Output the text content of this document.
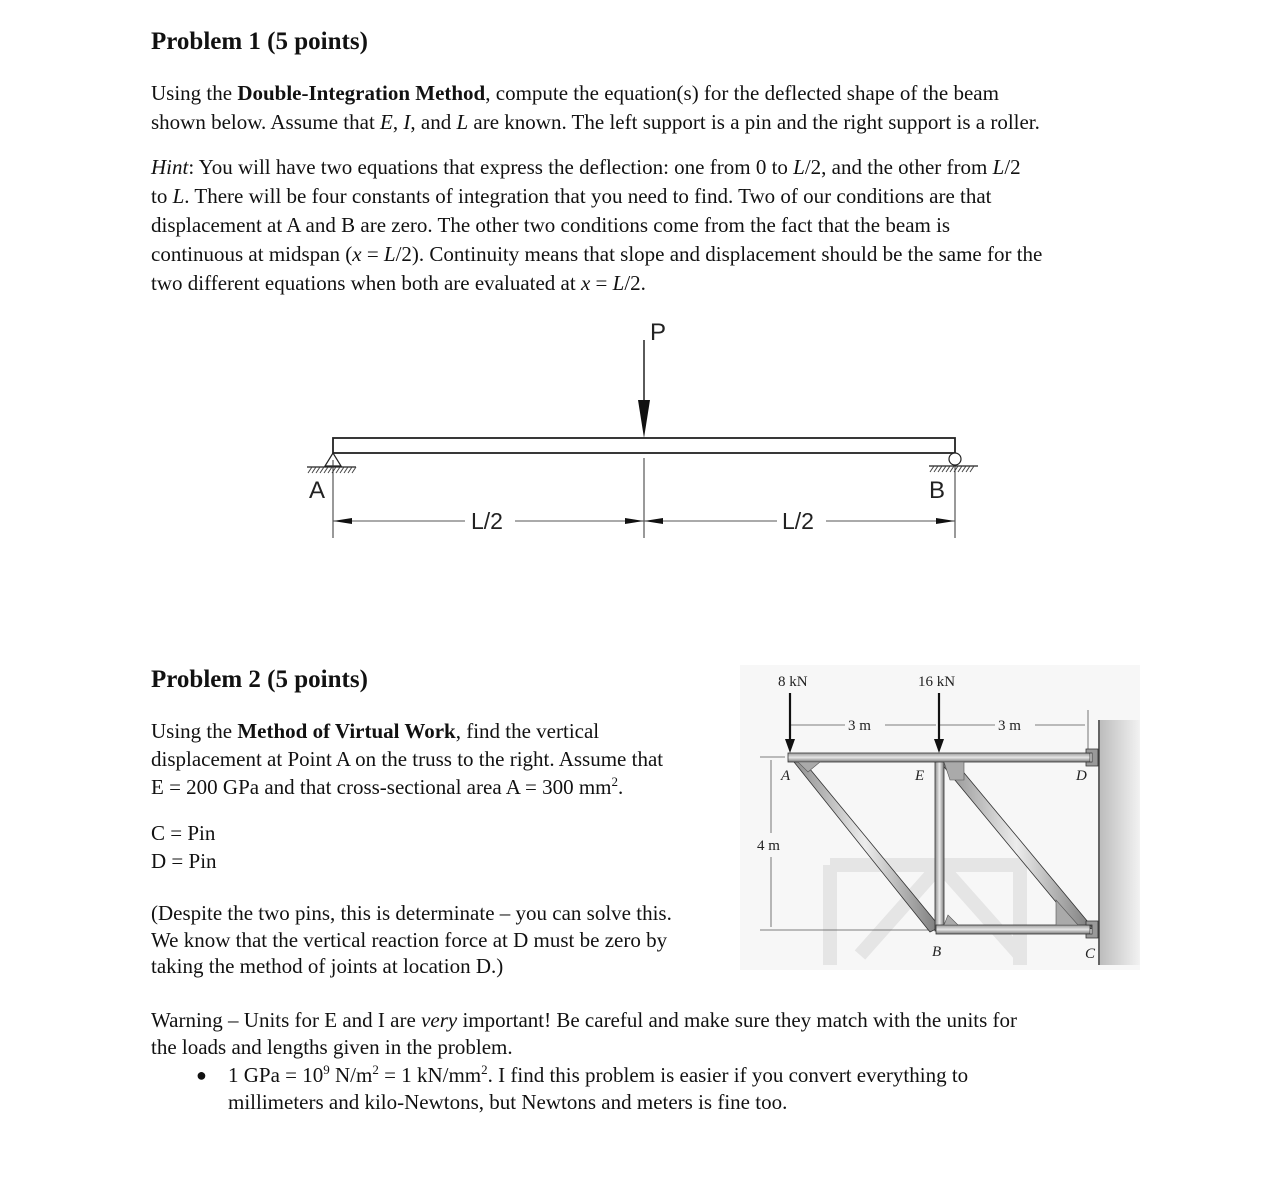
Problem 1 (5 points)
Using the Double-Integration Method, compute the equation(s) for the deflected shape of the beam
shown below. Assume that E, I, and L are known. The left support is a pin and the right support is a roller.
Hint: You will have two equations that express the deflection: one from 0 to L/2, and the other from L/2
to L. There will be four constants of integration that you need to find. Two of our conditions are that
displacement at A and B are zero. The other two conditions come from the fact that the beam is
continuous at midspan (x = L/2). Continuity means that slope and displacement should be the same for the
two different equations when both are evaluated at x = L/2.
P
A	B
L/2	L/2
Problem 2 (5 points)
Using the Method of Virtual Work, find the vertical
displacement at Point A on the truss to the right. Assume that
E = 200 GPa and that cross-sectional area A = 300 $mm^2$.
C = Pin
D = Pin
(Despite the two pins, this is determinate – you can solve this.
We know that the vertical reaction force at D must be zero by
taking the method of joints at location D.)
3 m	3 m
4 m
8 kN	16 kN
A	E	D
B	C
Warning – Units for E and I are very important! Be careful and make sure they match with the units for
the loads and lengths given in the problem.
● 1 GPa = $10^9$ $N/m^2 = 1$ $kN/mm^2$. I find this problem is easier if you convert everything to
millimeters and kilo-Newtons, but Newtons and meters is fine too.
